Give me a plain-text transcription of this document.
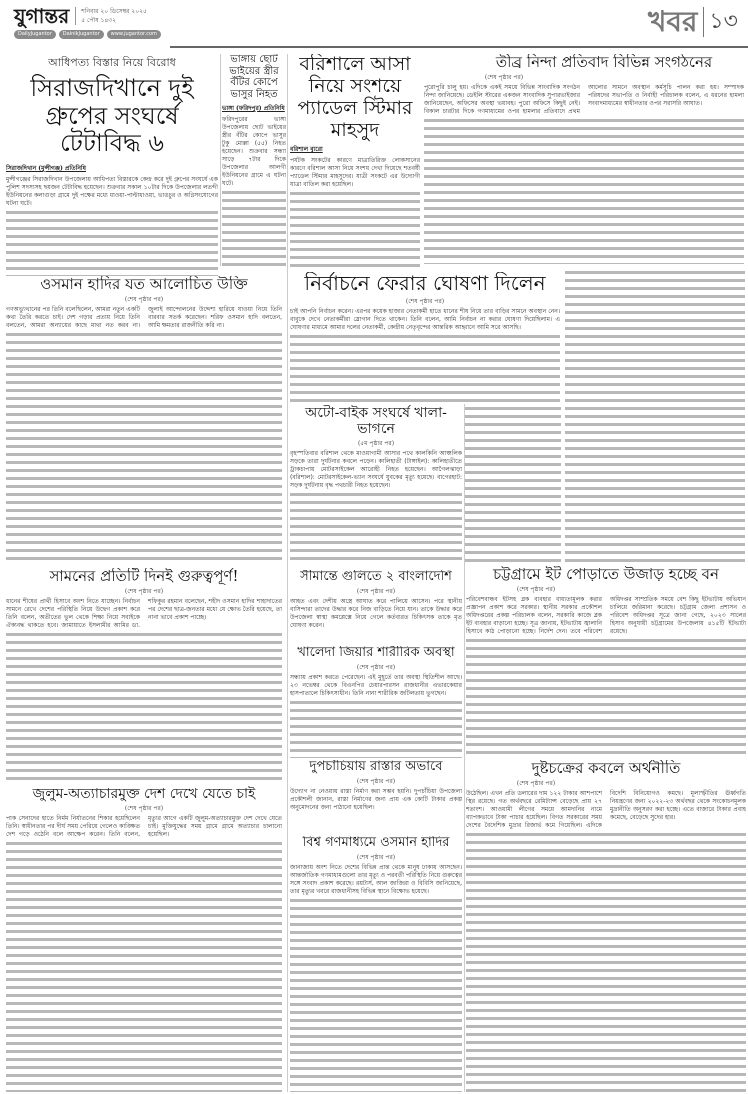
যুগান্তর শনিবার ২০ ডিসেম্বর ২০২৫
৫ পৌষ ১৪৩২
DailyJugantor	DainikJugantor	www.jugantor.com	খবর ১৩
আধিপত্য বিস্তার নিয়ে বিরোধ
সিরাজদিখানে দুই গ্রুপের সংঘর্ষে টেটাবিদ্ধ ৬
সিরাজদিখান (মুন্সীগঞ্জ) প্রতিনিধি
মুন্সীগঞ্জের সিরাজদিখান উপজেলায় আধিপত্য বিস্তারকে কেন্দ্র করে দুই গ্রুপের সংঘর্ষে এক পুলিশ সদস্যসহ ছয়জন টেটাবিদ্ধ হয়েছেন। শুক্রবার সকাল ১০টার দিকে উপজেলার লতব্দী ইউনিয়নের কলাগুড়া গ্রামে দুই পক্ষের মধ্যে ধাওয়া-পাল্টাধাওয়া, ভাঙচুর ও অগ্নিসংযোগের ঘটনা ঘটে।
ভাঙ্গায় ছোট ভাইয়ের স্ত্রীর বঁটির কোপে ভাসুর নিহত
ভাঙ্গা (ফরিদপুর) প্রতিনিধি
ফরিদপুরের ভাঙ্গা উপজেলায় ছোট ভাইয়ের স্ত্রীর বঁটির কোপে ভাসুর টুকু মোল্লা (৫৫) নিহত হয়েছেন। শুক্রবার সন্ধ্যা সাড়ে ৭টার দিকে উপজেলার আলগী ইউনিয়নের গ্রামে এ ঘটনা ঘটে।
বরিশালে আসা নিয়ে সংশয়ে প্যাডেল স্টিমার মাহসুদ
বরিশাল ব্যুরো
পর্যটক সংকটের কারণে মাত্রাতিরিক্ত লোকসানের কারণে বরিশাল আসা নিয়ে সংশয় দেখা দিয়েছে শতবর্ষী প্যাডেল স্টিমার মাহসুদের। যাত্রী সংকটে এর উদ্যোগী যাত্রা বাতিল করা হয়েছিল।
তীব্র নিন্দা প্রতিবাদ বিভিন্ন সংগঠনের
(শেষ পৃষ্ঠার পর)
পুরোপুরি চালু হয়। এদিকে একই সময়ে বিভিন্ন সাংবাদিক সংগঠন নিন্দা জানিয়েছে। ডেইলি স্টারের একজন সাংবাদিক সুপারভাইজার জানিয়েছেন, অফিসের অবস্থা ভয়াবহ। পুরো অফিসে কিছুই নেই। বিকাল চারটার দিকে গণমাধ্যমের ওপর হামলার প্রতিবাদে প্রথম আলোর সামনে অবস্থান কর্মসূচি পালন করা হয়। সম্পাদক পরিষদের সভাপতি ও নির্বাহী পরিচালক বলেন, এ ধরনের হামলা সংবাদমাধ্যমের স্বাধীনতার ওপর সরাসরি আঘাত।
ওসমান হাদির যত আলোচিত উক্তি
(শেষ পৃষ্ঠার পর)
গণঅভ্যুত্থানের পর তিনি বলেছিলেন, আমরা নতুন একটি কথা তৈরি করতে চাই। দেশ গড়ার প্রত্যয় নিয়ে তিনি বলতেন, আমরা অন্যায়ের কাছে মাথা নত করব না। জুলাই আন্দোলনের উদ্দেশ্য হারিয়ে যাওয়া নিয়ে তিনি বারবার সতর্ক করেছেন। শরিফ ওসমান হাদি বলতেন, আমি ক্ষমতার রাজনীতি করি না।
নির্বাচনে ফেরার ঘোষণা দিলেন
(শেষ পৃষ্ঠার পর)
চাই আপনি নির্বাচন করেন। এরপর কয়েক হাজার নেতাকর্মী হাতে ধানের শীষ নিয়ে তার বাড়ির সামনে অবস্থান নেন। বাবুকে দেখে নেতাকর্মীরা স্লোগান দিতে থাকেন। তিনি বলেন, আমি নির্বাচন না করার ঘোষণা দিয়েছিলাম। এ ঘোষণার মাধ্যমে আমার দলের নেতাকর্মী, কেন্দ্রীয় নেতৃবৃন্দের আন্তরিক আহ্বানে আমি সরে আসছি।
অটো-বাইক সংঘর্ষে খালা-ভাগনে
(৫ম পৃষ্ঠার পর)
বৃহস্পতিবার বরিশাল থেকে মাওয়াগামী আসার পথে কালকিনি আঞ্চলিক সড়কে তারা দুর্ঘটনার কবলে পড়েন। কালিহাতী (টাঙ্গাইল): কালিহাতীতে ট্রাকচাপায় মোটরসাইকেল আরোহী নিহত হয়েছেন। আগৈলঝাড়া (বরিশাল): মোটরসাইকেল-ভ্যান সংঘর্ষে যুবকের মৃত্যু হয়েছে। বাগেরহাট: সড়ক দুর্ঘটনায় বৃদ্ধ পথচারী নিহত হয়েছেন।
সামনের প্রতিটি দিনই গুরুত্বপূর্ণ!
(শেষ পৃষ্ঠার পর)
ধানের শীষের প্রার্থী হিসাবে অংশ নিতে যাচ্ছেন। নির্বাচন সামনে রেখে দেশের পরিস্থিতি নিয়ে উদ্বেগ প্রকাশ করে তিনি বলেন, অতীতের ভুল থেকে শিক্ষা নিয়ে সবাইকে ঐক্যবদ্ধ থাকতে হবে। জামায়াতে ইসলামীর আমির ডা. শফিকুর রহমান বলেছেন, শহীদ ওসমান হাদির শাহাদাতের পর দেশের ছাত্র-জনতার মধ্যে যে ক্ষোভ তৈরি হয়েছে, তা নানা ভাবে প্রকাশ পাচ্ছে।
সীমান্তে গুলিতে ২ বাংলাদেশি
(শেষ পৃষ্ঠার পর)
আহত এবং দেশীয় অস্ত্রে আঘাত করে পালিয়ে আসেন। পরে স্থানীয় বাসিন্দারা তাদের উদ্ধার করে নিজ বাড়িতে নিয়ে যান। তাকে উদ্ধার করে উপজেলা স্বাস্থ্য কমপ্লেক্সে নিয়ে গেলে কর্তব্যরত চিকিৎসক তাকে মৃত ঘোষণা করেন।
চট্টগ্রামে ইট পোড়াতে উজাড় হচ্ছে বন
(শেষ পৃষ্ঠার পর)
পরিবেশবান্ধব ইটসহ ব্লক ব্যবহার বাধ্যতামূলক করার প্রজ্ঞাপন প্রকাশ করে সরকার। স্থানীয় সরকার প্রকৌশল অধিদপ্তরের প্রকল্প পরিচালক বলেন, সরকারি কাজে ব্লক ইট ব্যবহার বাড়ানো হচ্ছে। সূত্র জানায়, ইটভাটায় জ্বালানি হিসাবে কাঠ পোড়ানো হচ্ছে। নির্দেশ দেন। তবে পরিবেশ অধিদপ্তর সাম্প্রতিক সময়ে বেশ কিছু ইটভাটায় অভিযান চালিয়ে জরিমানা করেছে। চট্টগ্রাম জেলা প্রশাসন ও পরিবেশ অধিদপ্তর সূত্রে জানা গেছে, ২০২৩ সালের হিসাব অনুযায়ী চট্টগ্রামের উপজেলায় ৪১৫টি ইটভাটা রয়েছে।
খালেদা জিয়ার শারীরিক অবস্থা
(শেষ পৃষ্ঠার পর)
সন্ধ্যায় প্রকাশ করতে পেরেছেন। এই মুহূর্তে তার অবস্থা স্থিতিশীল আছে। ২৩ নভেম্বর থেকে বিএনপির চেয়ারপারসন রাজধানীর এভারকেয়ার হাসপাতালে চিকিৎসাধীন। তিনি নানা শারীরিক জটিলতায় ভুগছেন।
দুপচাঁচিয়ায় রাস্তার অভাবে
(শেষ পৃষ্ঠার পর)
উদ্যোগ না নেওয়ায় রাস্তা নির্মাণ করা সম্ভব হয়নি। দুপচাঁচিয়া উপজেলা প্রকৌশলী জানান, রাস্তা নির্মাণের জন্য প্রায় এক কোটি টাকার প্রকল্প অনুমোদনের জন্য পাঠানো হয়েছিল।
দুষ্টচক্রের কবলে অর্থনীতি
(শেষ পৃষ্ঠার পর)
উঠেছিল। এখন প্রতি ডলারের দাম ১২২ টাকার আশপাশে স্থির রয়েছে। গত অর্থবছরে রেমিট্যান্স বেড়েছে প্রায় ২৭ শতাংশ। আওয়ামী লীগের সময়ে আমদানির নামে ব্যাপকভাবে টাকা পাচার হয়েছিল। বিগত সরকারের সময় দেশের বৈদেশিক মুদ্রার রিজার্ভ কমে গিয়েছিল। এদিকে বিদেশি বিনিয়োগও কমছে। মূল্যস্ফীতির ঊর্ধ্বগতি নিয়ন্ত্রণের জন্য ২০২২-২৩ অর্থবছর থেকে সংকোচনমূলক মুদ্রানীতি অনুসরণ করা হচ্ছে। এতে বাজারে টাকার প্রবাহ কমেছে, বেড়েছে সুদের হার।
জুলুম-অত্যাচারমুক্ত দেশ দেখে যেতে চাই
(শেষ পৃষ্ঠার পর)
পাক সেনাদের হাতে নির্মম নির্যাতনের শিকার হয়েছিলেন তিনি। স্বাধীনতার পর দীর্ঘ সময় পেরিয়ে গেলেও কাঙ্ক্ষিত দেশ গড়ে ওঠেনি বলে আক্ষেপ করেন। তিনি বলেন, মৃত্যুর আগে একটি জুলুম-অত্যাচারমুক্ত দেশ দেখে যেতে চাই। মুক্তিযুদ্ধের সময় গ্রামে গ্রামে অত্যাচার চালানো হয়েছিল।
বিশ্ব গণমাধ্যমে ওসমান হাদির
(শেষ পৃষ্ঠার পর)
জানাজায় অংশ নিতে দেশের বিভিন্ন প্রান্ত থেকে মানুষ ঢাকায় আসছেন। আন্তর্জাতিক গণমাধ্যমগুলো তার মৃত্যু ও পরবর্তী পরিস্থিতি নিয়ে গুরুত্বের সঙ্গে সংবাদ প্রকাশ করেছে। রয়টার্স, আল জাজিরা ও বিবিসি জানিয়েছে, তার মৃত্যুর খবরে রাজধানীসহ বিভিন্ন স্থানে বিক্ষোভ হয়েছে।
